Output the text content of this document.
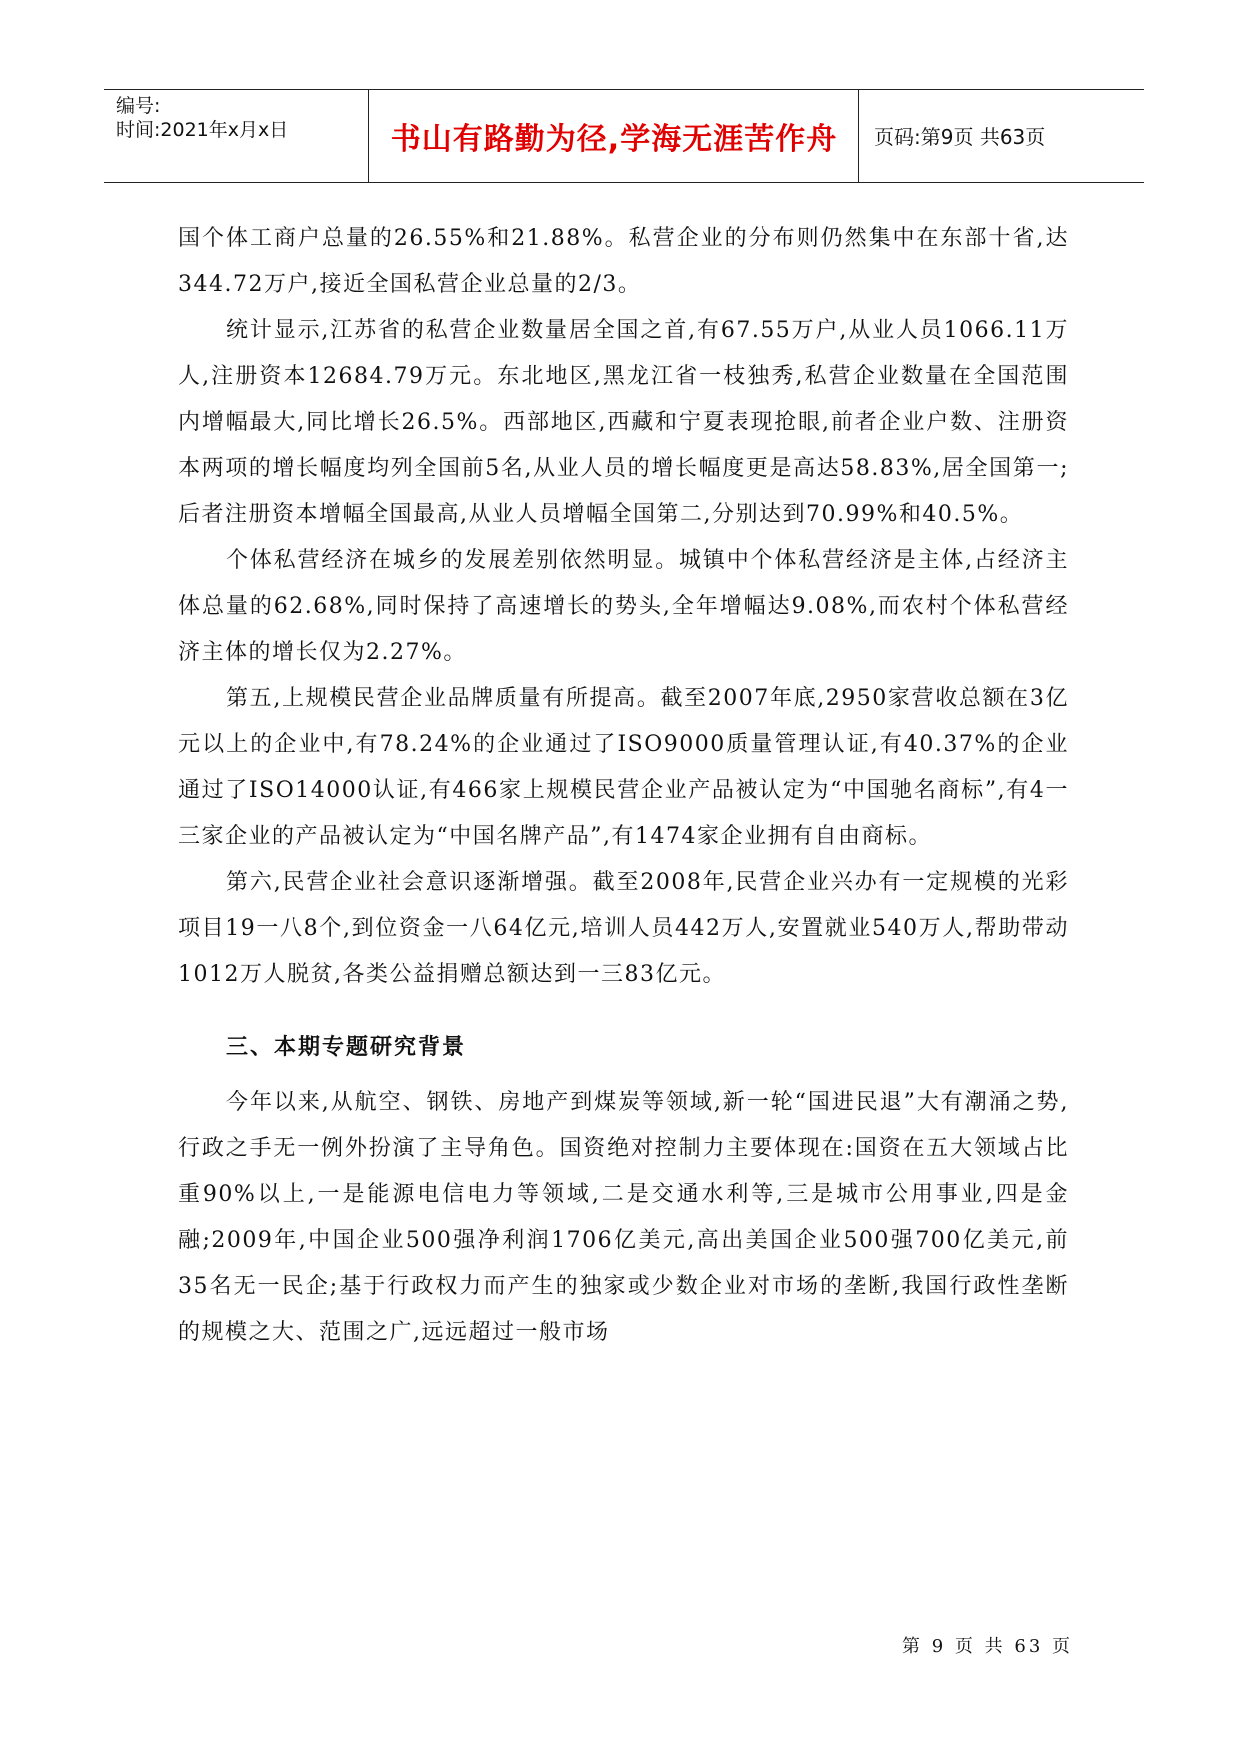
编号:
时间:2021年x月x日	书山有路勤为径,学海无涯苦作舟	页码:第9页 共63页

国个体工商户总量的26.55%和21.88%。私营企业的分布则仍然集中在东部十省,达344.72万户,接近全国私营企业总量的2/3。

统计显示,江苏省的私营企业数量居全国之首,有67.55万户,从业人员1066.11万人,注册资本12684.79万元。东北地区,黑龙江省一枝独秀,私营企业数量在全国范围内增幅最大,同比增长26.5%。西部地区,西藏和宁夏表现抢眼,前者企业户数、注册资本两项的增长幅度均列全国前5名,从业人员的增长幅度更是高达58.83%,居全国第一;后者注册资本增幅全国最高,从业人员增幅全国第二,分别达到70.99%和40.5%。

个体私营经济在城乡的发展差别依然明显。城镇中个体私营经济是主体,占经济主体总量的62.68%,同时保持了高速增长的势头,全年增幅达9.08%,而农村个体私营经济主体的增长仅为2.27%。

第五,上规模民营企业品牌质量有所提高。截至2007年底,2950家营收总额在3亿元以上的企业中,有78.24%的企业通过了ISO9000质量管理认证,有40.37%的企业通过了ISO14000认证,有466家上规模民营企业产品被认定为“中国驰名商标”,有4一三家企业的产品被认定为“中国名牌产品”,有1474家企业拥有自由商标。

第六,民营企业社会意识逐渐增强。截至2008年,民营企业兴办有一定规模的光彩项目19一八8个,到位资金一八64亿元,培训人员442万人,安置就业540万人,帮助带动1012万人脱贫,各类公益捐赠总额达到一三83亿元。

三、本期专题研究背景

今年以来,从航空、钢铁、房地产到煤炭等领域,新一轮“国进民退”大有潮涌之势,行政之手无一例外扮演了主导角色。国资绝对控制力主要体现在:国资在五大领域占比重90%以上,一是能源电信电力等领域,二是交通水利等,三是城市公用事业,四是金融;2009年,中国企业500强净利润1706亿美元,高出美国企业500强700亿美元,前35名无一民企;基于行政权力而产生的独家或少数企业对市场的垄断,我国行政性垄断的规模之大、范围之广,远远超过一般市场

第 9 页 共 63 页
